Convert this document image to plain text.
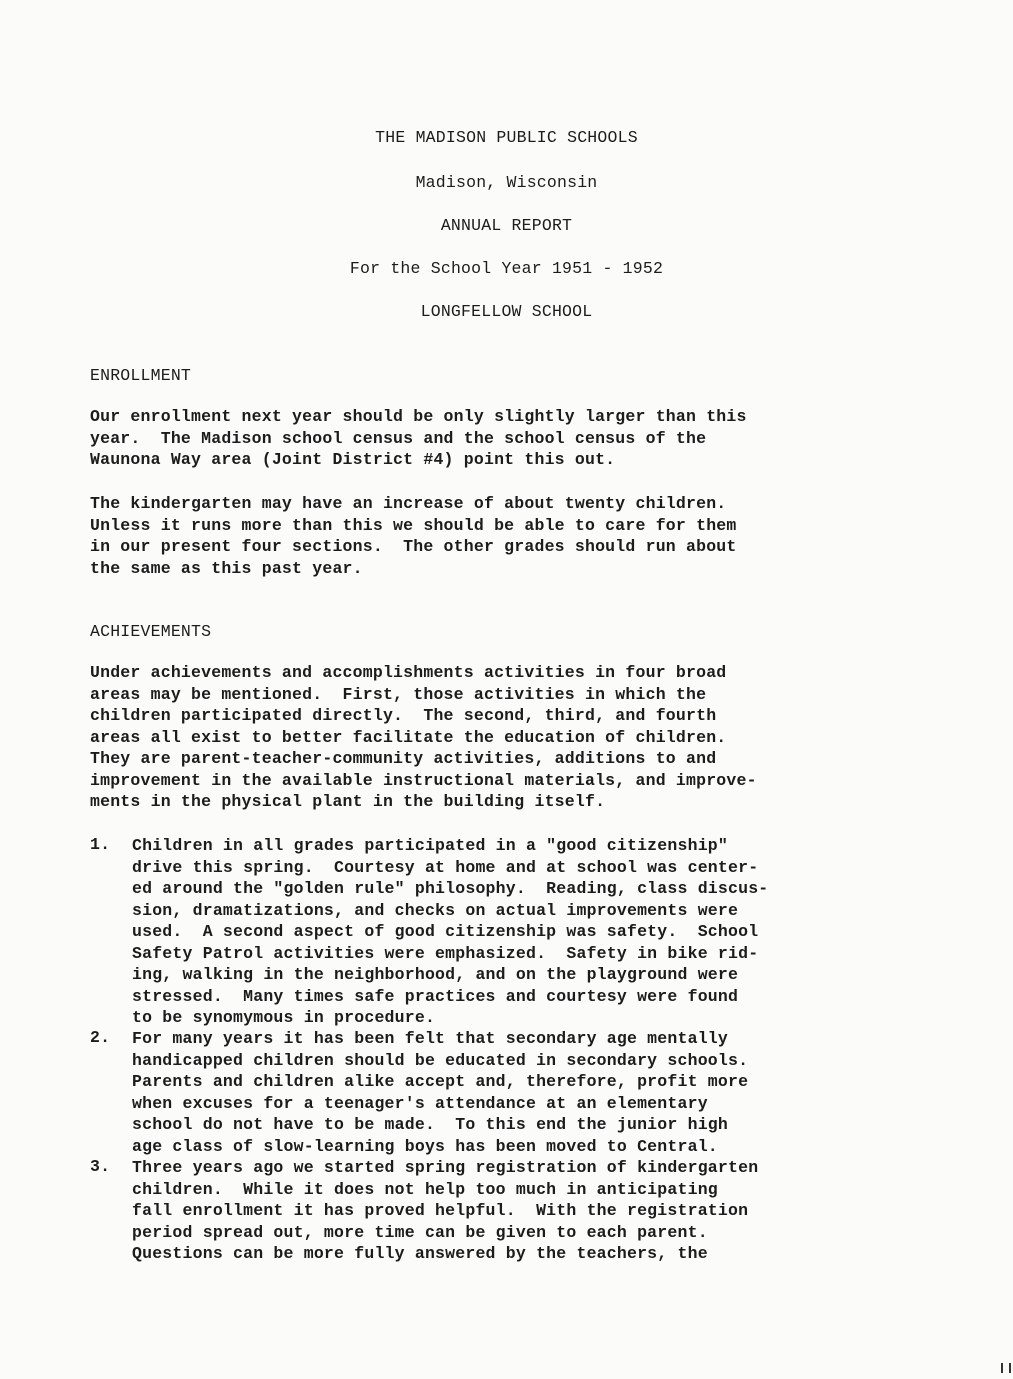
THE MADISON PUBLIC SCHOOLS

Madison, Wisconsin

ANNUAL REPORT

For the School Year 1951 - 1952

LONGFELLOW SCHOOL

ENROLLMENT

Our enrollment next year should be only slightly larger than this
year.  The Madison school census and the school census of the
Waunona Way area (Joint District #4) point this out.
The kindergarten may have an increase of about twenty children.
Unless it runs more than this we should be able to care for them
in our present four sections.  The other grades should run about
the same as this past year.

ACHIEVEMENTS

Under achievements and accomplishments activities in four broad
areas may be mentioned.  First, those activities in which the
children participated directly.  The second, third, and fourth
areas all exist to better facilitate the education of children.
They are parent-teacher-community activities, additions to and
improvement in the available instructional materials, and improve-
ments in the physical plant in the building itself.
1. Children in all grades participated in a "good citizenship"
drive this spring.  Courtesy at home and at school was center-
ed around the "golden rule" philosophy.  Reading, class discus-
sion, dramatizations, and checks on actual improvements were
used.  A second aspect of good citizenship was safety.  School
Safety Patrol activities were emphasized.  Safety in bike rid-
ing, walking in the neighborhood, and on the playground were
stressed.  Many times safe practices and courtesy were found
to be synomymous in procedure.
2. For many years it has been felt that secondary age mentally
handicapped children should be educated in secondary schools.
Parents and children alike accept and, therefore, profit more
when excuses for a teenager's attendance at an elementary
school do not have to be made.  To this end the junior high
age class of slow-learning boys has been moved to Central.
3. Three years ago we started spring registration of kindergarten
children.  While it does not help too much in anticipating
fall enrollment it has proved helpful.  With the registration
period spread out, more time can be given to each parent.
Questions can be more fully answered by the teachers, the
